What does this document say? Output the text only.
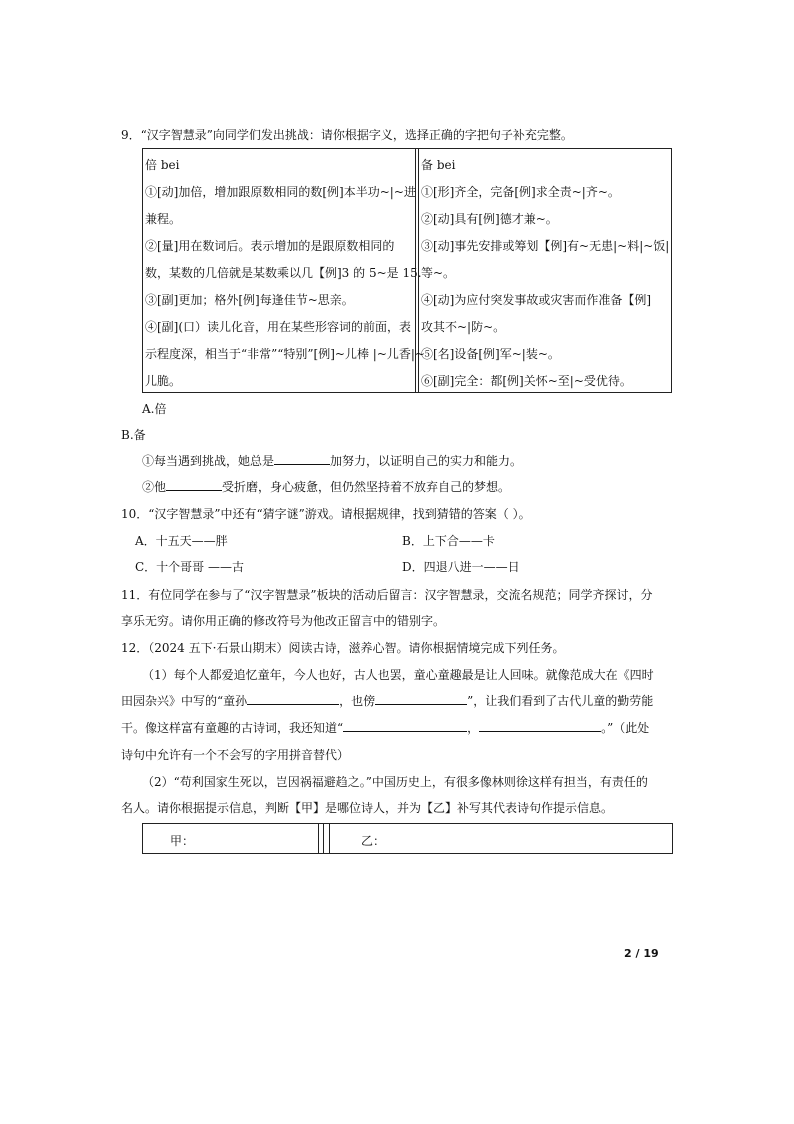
9．“汉字智慧录”向同学们发出挑战：请你根据字义，选择正确的字把句子补充完整。
倍 bei
①[动]加倍，增加跟原数相同的数[例]本半功~|~进
兼程。
②[量]用在数词后。表示增加的是跟原数相同的
数，某数的几倍就是某数乘以几【例]3 的 5~是 15.
③[副]更加；格外[例]每逢佳节~思亲。
④[副](口）读儿化音，用在某些形容词的前面，表
示程度深，相当于“非常”“特别”[例]~儿棒 |~儿香|~
儿脆。
备 bei
①[形]齐全，完备[例]求全责~|齐~。
②[动]具有[例]德才兼~。
③[动]事先安排或筹划【例]有~无患|~料|~饭|
等~。
④[动]为应付突发事故或灾害而作准备【例]
攻其不~|防~。
⑤[名]设备[例]军~|装~。
⑥[副]完全：都[例]关怀~至|~受优待。
A.倍
B.备
①每当遇到挑战，她总是	加努力，以证明自己的实力和能力。
②他	受折磨，身心疲惫，但仍然坚持着不放弃自己的梦想。
10．“汉字智慧录”中还有“猜字谜”游戏。请根据规律，找到猜错的答案（ ）。
A．十五天——胖	B．上下合——卡
C．十个哥哥 ——古	D．四退八进一——日
11．有位同学在参与了“汉字智慧录”板块的活动后留言：汉字智慧录，交流名规范；同学齐探讨，分
享乐无穷。请你用正确的修改符号为他改正留言中的错别字。
12．（2024 五下·石景山期末）阅读古诗，滋养心智。请你根据情境完成下列任务。
（1）每个人都爱追忆童年，今人也好，古人也罢，童心童趣最是让人回味。就像范成大在《四时
田园杂兴》中写的“童孙	，也傍	”，让我们看到了古代儿童的勤劳能
干。像这样富有童趣的古诗词，我还知道“	，	。”（此处
诗句中允许有一个不会写的字用拼音替代）
（2）“苟利国家生死以，岂因祸福避趋之。”中国历史上，有很多像林则徐这样有担当，有责任的
名人。请你根据提示信息，判断【甲】是哪位诗人，并为【乙】补写其代表诗句作提示信息。
甲：	乙：
2 / 19
